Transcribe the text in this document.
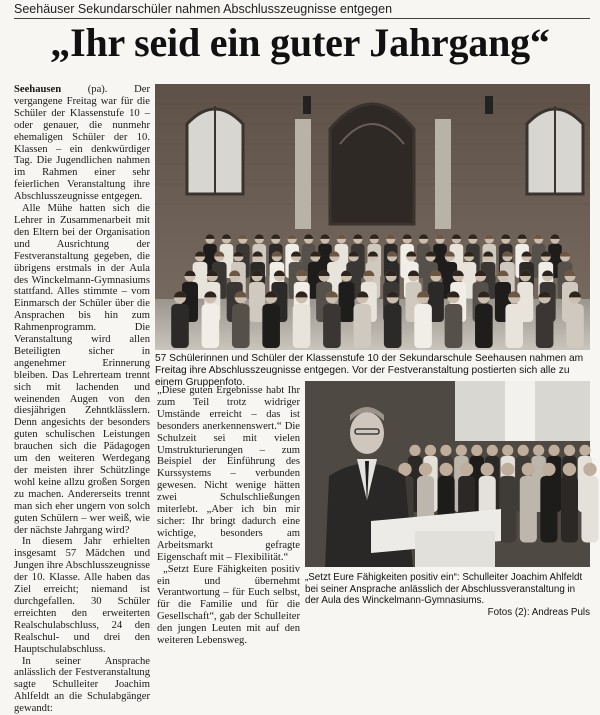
Seehäuser Sekundarschüler nahmen Abschlusszeugnisse entgegen
„Ihr seid ein guter Jahrgang“

Seehausen (pa). Der vergangene Freitag war für die Schüler der Klassenstufe 10 – oder genauer, die nunmehr ehemaligen Schüler der 10. Klassen – ein denkwürdiger Tag. Die Jugendlichen nahmen im Rahmen einer sehr feierlichen Veranstaltung ihre Abschlusszeugnisse entgegen.

Alle Mühe hatten sich die Lehrer in Zusammenarbeit mit den Eltern bei der Organisation und Ausrichtung der Festveranstaltung gegeben, die übrigens erstmals in der Aula des Winckelmann-Gymnasiums stattfand. Alles stimmte – vom Einmarsch der Schüler über die Ansprachen bis hin zum Rahmenprogramm. Die Veranstaltung wird allen Beteiligten sicher in angenehmer Erinnerung bleiben. Das Lehrerteam trennt sich mit lachenden und weinenden Augen von den diesjährigen Zehntklässlern. Denn angesichts der besonders guten schulischen Leistungen brauchen sich die Pädagogen um den weiteren Werdegang der meisten ihrer Schützlinge wohl keine allzu großen Sorgen zu machen. Andererseits trennt man sich eher ungern von solch guten Schülern – wer weiß, wie der nächste Jahrgang wird?

In diesem Jahr erhielten insgesamt 57 Mädchen und Jungen ihre Abschlusszeugnisse der 10. Klasse. Alle haben das Ziel erreicht; niemand ist durchgefallen. 30 Schüler erreichten den erweiterten Realschulabschluss, 24 den Realschul- und drei den Hauptschulabschluss.

In seiner Ansprache anlässlich der Festveranstaltung sagte Schulleiter Joachim Ahlfeldt an die Schulabgänger gewandt:

57 Schülerinnen und Schüler der Klassenstufe 10 der Sekundarschule Seehausen nahmen am Freitag ihre Abschlusszeugnisse entgegen. Vor der Festveranstaltung postierten sich alle zu einem Gruppenfoto.

„Diese guten Ergebnisse habt Ihr zum Teil trotz widriger Umstände erreicht – das ist besonders anerkennenswert.“ Die Schulzeit sei mit vielen Umstrukturierungen – zum Beispiel der Einführung des Kurssystems – verbunden gewesen. Nicht wenige hätten zwei Schulschließungen miterlebt. „Aber ich bin mir sicher: Ihr bringt dadurch eine wichtige, besonders am Arbeitsmarkt gefragte Eigenschaft mit – Flexibilität.“

„Setzt Eure Fähigkeiten positiv ein und übernehmt Verantwortung – für Euch selbst, für die Familie und für die Gesellschaft“, gab der Schulleiter den jungen Leuten mit auf den weiteren Lebensweg.

„Setzt Eure Fähigkeiten positiv ein“: Schulleiter Joachim Ahlfeldt bei seiner Ansprache anlässlich der Abschlussveranstaltung in der Aula des Winckelmann-Gymnasiums.
Fotos (2): Andreas Puls
